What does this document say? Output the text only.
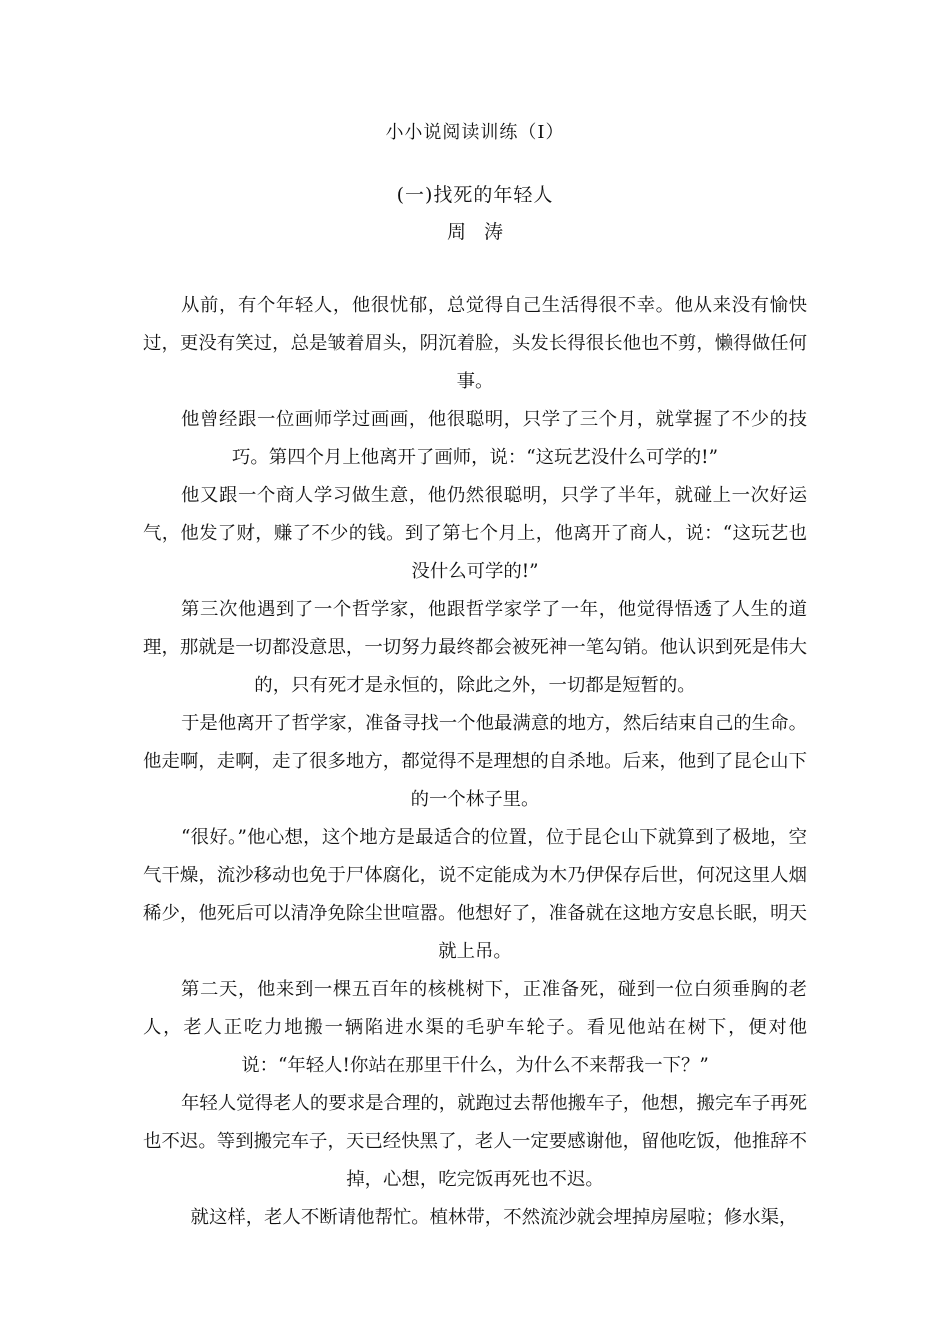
小小说阅读训练（Ⅰ）
(一)找死的年轻人
周涛

从前，有个年轻人，他很忧郁，总觉得自己生活得很不幸。他从来没有愉快过，更没有笑过，总是皱着眉头，阴沉着脸，头发长得很长他也不剪，懒得做任何事。

他曾经跟一位画师学过画画，他很聪明，只学了三个月，就掌握了不少的技巧。第四个月上他离开了画师，说：“这玩艺没什么可学的!”

他又跟一个商人学习做生意，他仍然很聪明，只学了半年，就碰上一次好运气，他发了财，赚了不少的钱。到了第七个月上，他离开了商人，说：“这玩艺也没什么可学的!”

第三次他遇到了一个哲学家，他跟哲学家学了一年，他觉得悟透了人生的道理，那就是一切都没意思，一切努力最终都会被死神一笔勾销。他认识到死是伟大的，只有死才是永恒的，除此之外，一切都是短暂的。

于是他离开了哲学家，准备寻找一个他最满意的地方，然后结束自己的生命。他走啊，走啊，走了很多地方，都觉得不是理想的自杀地。后来，他到了昆仑山下的一个林子里。

“很好。”他心想，这个地方是最适合的位置，位于昆仑山下就算到了极地，空气干燥，流沙移动也免于尸体腐化，说不定能成为木乃伊保存后世，何况这里人烟稀少，他死后可以清净免除尘世喧嚣。他想好了，准备就在这地方安息长眠，明天就上吊。

第二天，他来到一棵五百年的核桃树下，正准备死，碰到一位白须垂胸的老人，老人正吃力地搬一辆陷进水渠的毛驴车轮子。看见他站在树下，便对他说：“年轻人!你站在那里干什么，为什么不来帮我一下？”

年轻人觉得老人的要求是合理的，就跑过去帮他搬车子，他想，搬完车子再死也不迟。等到搬完车子，天已经快黑了，老人一定要感谢他，留他吃饭，他推辞不掉，心想，吃完饭再死也不迟。

就这样，老人不断请他帮忙。植林带，不然流沙就会埋掉房屋啦；修水渠，
